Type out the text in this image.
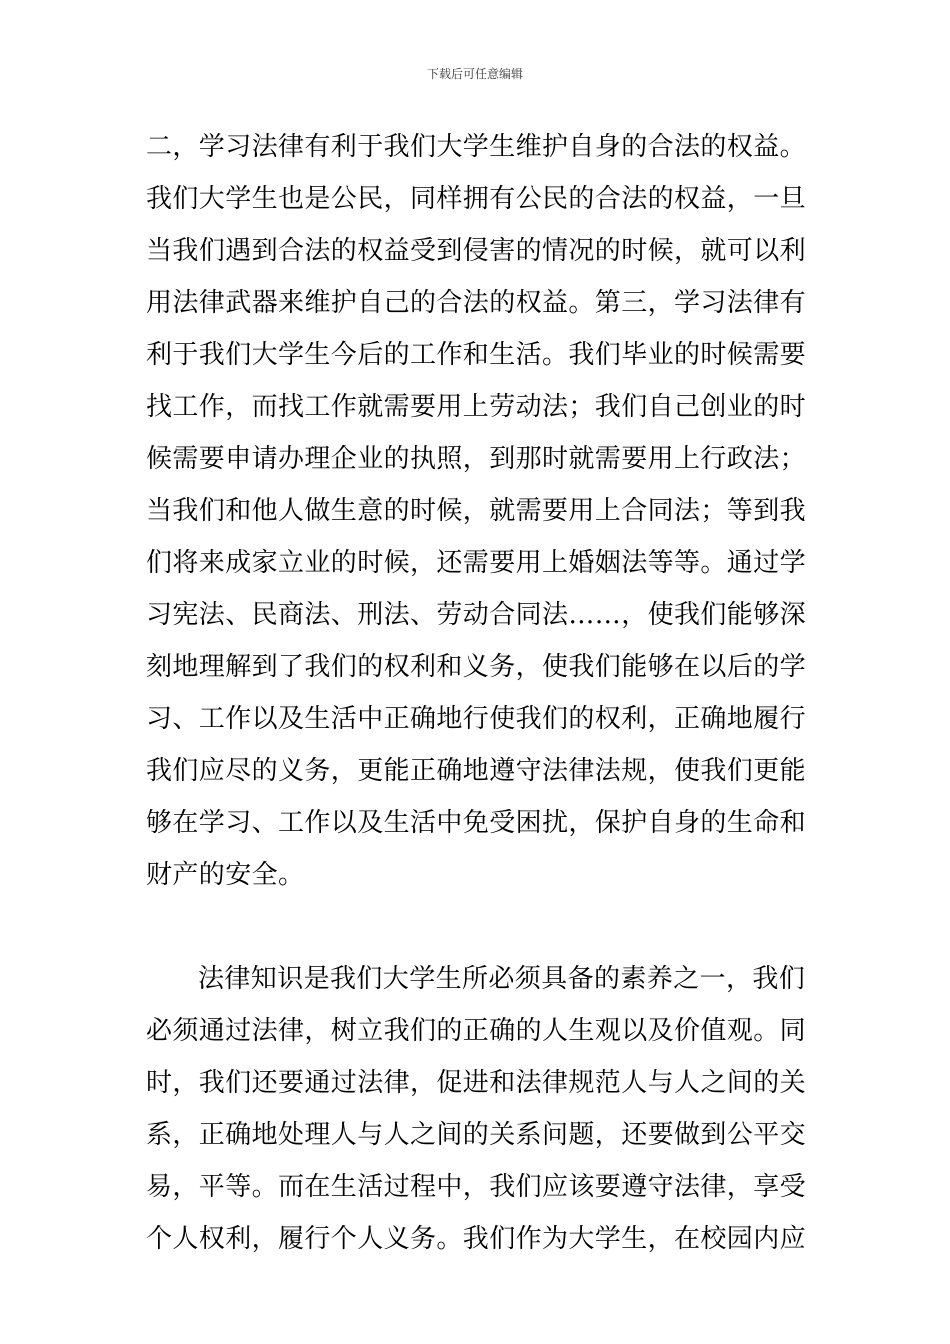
下载后可任意编辑
二，学习法律有利于我们大学生维护自身的合法的权益。
我们大学生也是公民，同样拥有公民的合法的权益，一旦
当我们遇到合法的权益受到侵害的情况的时候，就可以利
用法律武器来维护自己的合法的权益。第三，学习法律有
利于我们大学生今后的工作和生活。我们毕业的时候需要
找工作，而找工作就需要用上劳动法；我们自己创业的时
候需要申请办理企业的执照，到那时就需要用上行政法；
当我们和他人做生意的时候，就需要用上合同法；等到我
们将来成家立业的时候，还需要用上婚姻法等等。通过学
习宪法、民商法、刑法、劳动合同法……，使我们能够深
刻地理解到了我们的权利和义务，使我们能够在以后的学
习、工作以及生活中正确地行使我们的权利，正确地履行
我们应尽的义务，更能正确地遵守法律法规，使我们更能
够在学习、工作以及生活中免受困扰，保护自身的生命和
财产的安全。
法律知识是我们大学生所必须具备的素养之一，我们
必须通过法律，树立我们的正确的人生观以及价值观。同
时，我们还要通过法律，促进和法律规范人与人之间的关
系，正确地处理人与人之间的关系问题，还要做到公平交
易，平等。而在生活过程中，我们应该要遵守法律，享受
个人权利，履行个人义务。我们作为大学生，在校园内应
